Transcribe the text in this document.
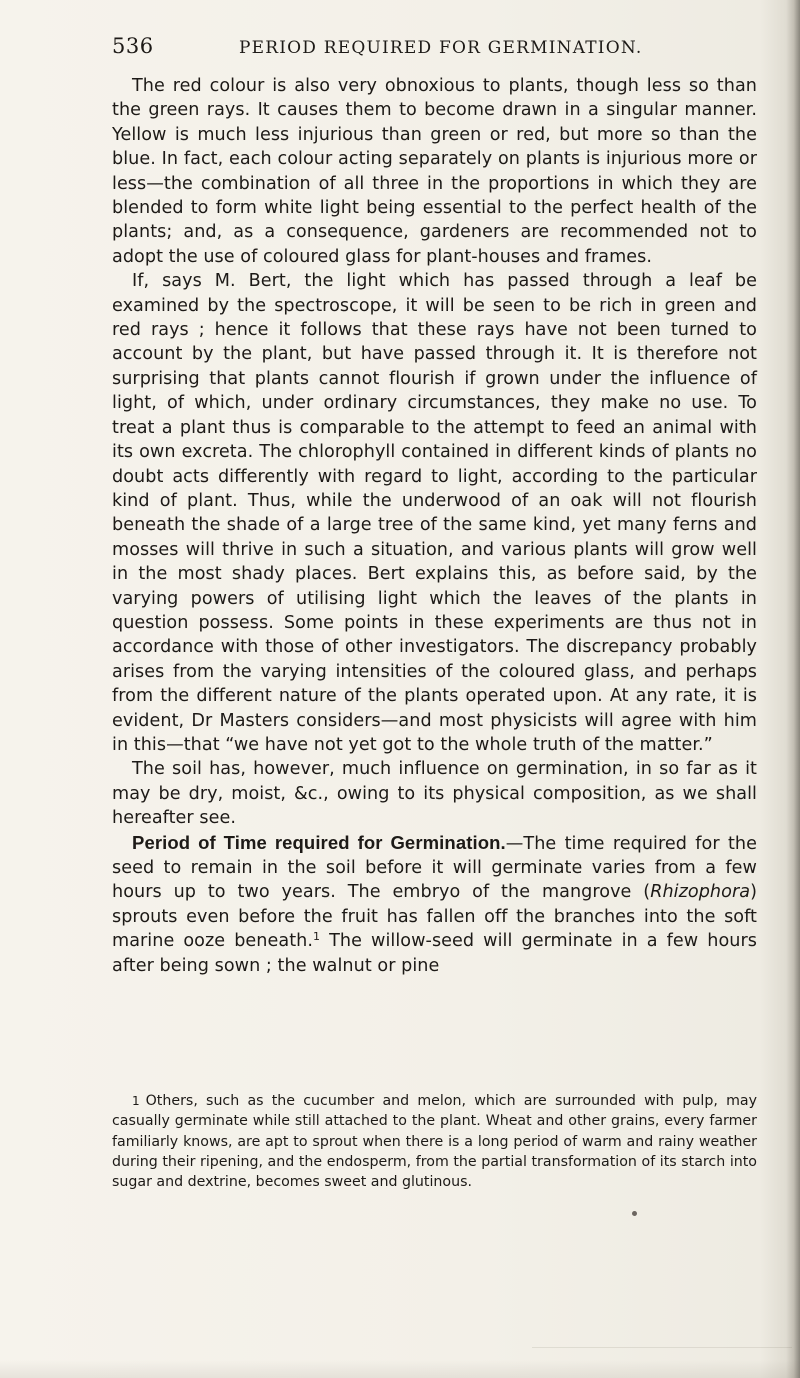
536	PERIOD REQUIRED FOR GERMINATION.

The red colour is also very obnoxious to plants, though less so than the green rays. It causes them to become drawn in a singular manner. Yellow is much less injurious than green or red, but more so than the blue. In fact, each colour acting separately on plants is injurious more or less—the combination of all three in the proportions in which they are blended to form white light being essential to the perfect health of the plants; and, as a consequence, gardeners are recommended not to adopt the use of coloured glass for plant-houses and frames.

If, says M. Bert, the light which has passed through a leaf be examined by the spectroscope, it will be seen to be rich in green and red rays ; hence it follows that these rays have not been turned to account by the plant, but have passed through it. It is therefore not surprising that plants cannot flourish if grown under the influence of light, of which, under ordinary circumstances, they make no use. To treat a plant thus is comparable to the attempt to feed an animal with its own excreta. The chlorophyll contained in different kinds of plants no doubt acts differently with regard to light, according to the particular kind of plant. Thus, while the underwood of an oak will not flourish beneath the shade of a large tree of the same kind, yet many ferns and mosses will thrive in such a situation, and various plants will grow well in the most shady places. Bert explains this, as before said, by the varying powers of utilising light which the leaves of the plants in question possess. Some points in these experiments are thus not in accordance with those of other investigators. The discrepancy probably arises from the varying intensities of the coloured glass, and perhaps from the different nature of the plants operated upon. At any rate, it is evident, Dr Masters considers—and most physicists will agree with him in this—that “we have not yet got to the whole truth of the matter.”

The soil has, however, much influence on germination, in so far as it may be dry, moist, &c., owing to its physical composition, as we shall hereafter see.

Period of Time required for Germination.—The time required for the seed to remain in the soil before it will germinate varies from a few hours up to two years. The embryo of the mangrove (Rhizophora) sprouts even before the fruit has fallen off the branches into the soft marine ooze beneath.$^1$ The willow-seed will germinate in a few hours after being sown ; the walnut or pine

1 Others, such as the cucumber and melon, which are surrounded with pulp, may casually germinate while still attached to the plant. Wheat and other grains, every farmer familiarly knows, are apt to sprout when there is a long period of warm and rainy weather during their ripening, and the endosperm, from the partial transformation of its starch into sugar and dextrine, becomes sweet and glutinous.
